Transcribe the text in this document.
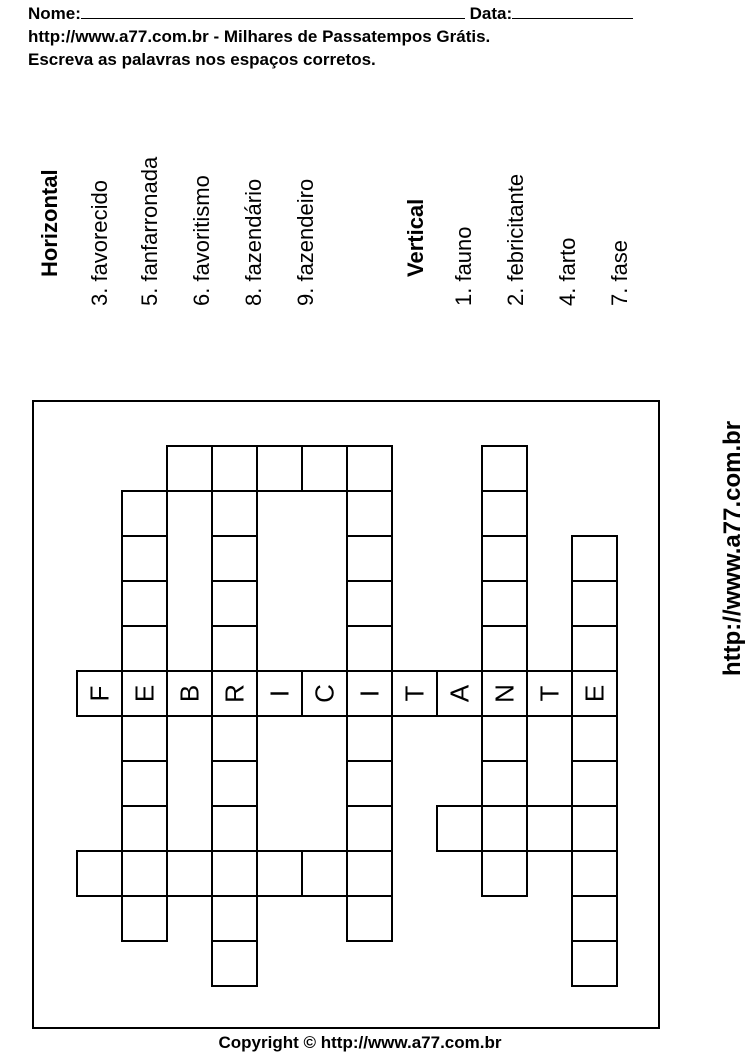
Nome:	Data:
http://www.a77.com.br - Milhares de Passatempos Grátis.
Escreva as palavras nos espaços corretos.
Horizontal 3. favorecido 5. fanfarronada 6. favoritismo 8. fazendário 9. fazendeiro	Vertical 1. fauno 2. febricitante 4. farto 7. fase
http://www.a77.com.br
F E B R I C I T A N T E
Copyright © http://www.a77.com.br
